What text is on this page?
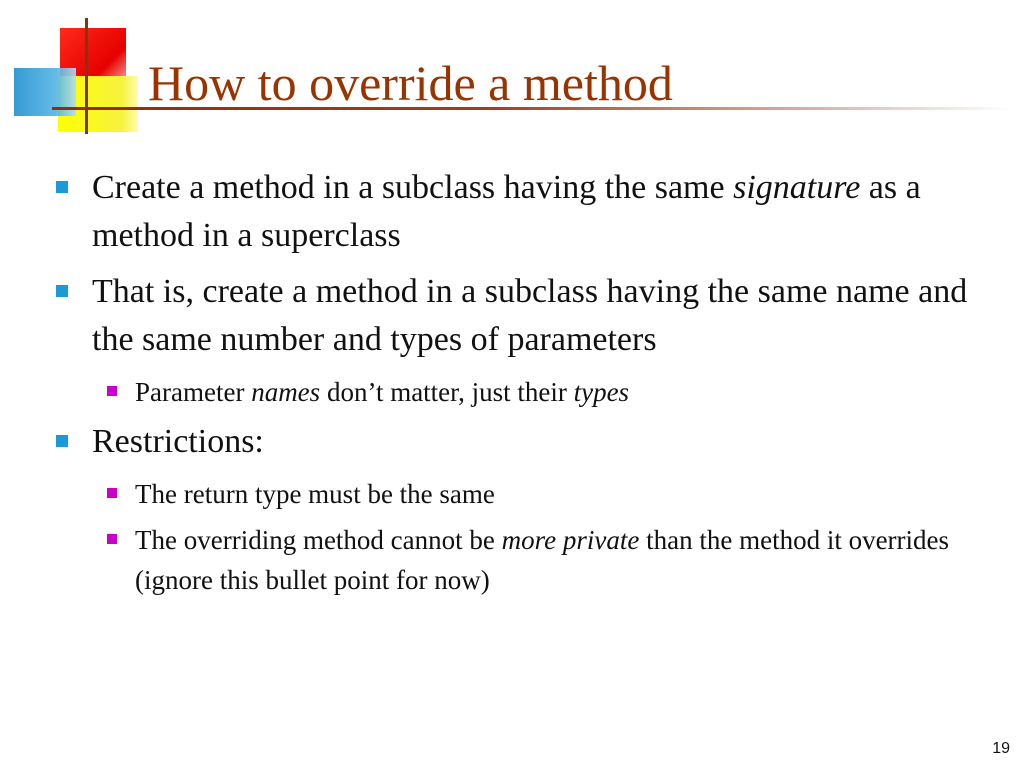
How to override a method
Create a method in a subclass having the same signature as a method in a superclass
That is, create a method in a subclass having the same name and the same number and types of parameters
Parameter names don’t matter, just their types
Restrictions:
The return type must be the same
The overriding method cannot be more private than the method it overrides (ignore this bullet point for now)
19
